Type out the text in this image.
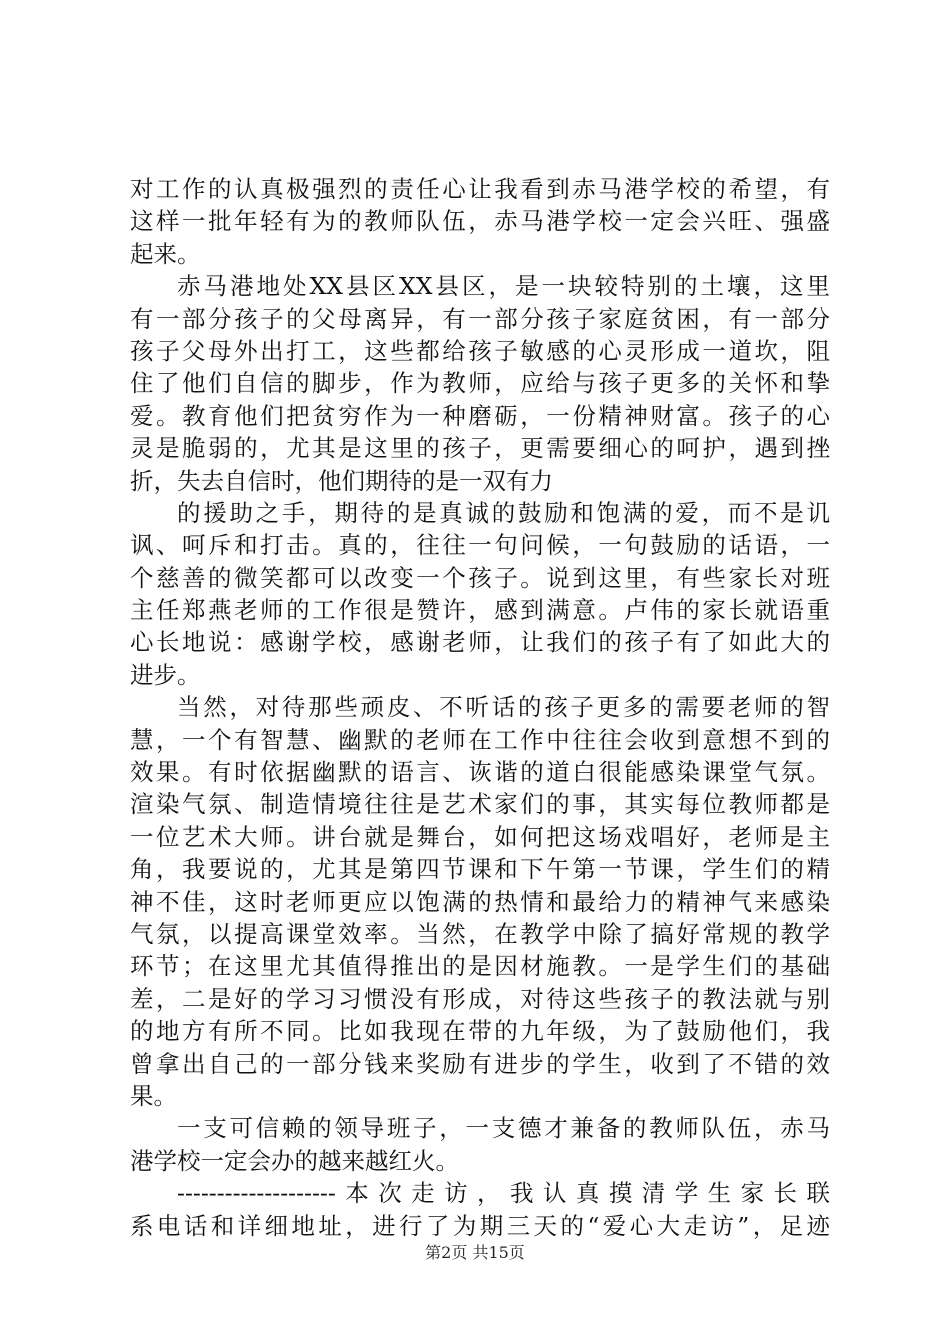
对工作的认真极强烈的责任心让我看到赤马港学校的希望，有
这样一批年轻有为的教师队伍，赤马港学校一定会兴旺、强盛
起来。
赤马港地处XX县区XX县区，是一块较特别的土壤，这里
有一部分孩子的父母离异，有一部分孩子家庭贫困，有一部分
孩子父母外出打工，这些都给孩子敏感的心灵形成一道坎，阻
住了他们自信的脚步，作为教师，应给与孩子更多的关怀和挚
爱。教育他们把贫穷作为一种磨砺，一份精神财富。孩子的心
灵是脆弱的，尤其是这里的孩子，更需要细心的呵护，遇到挫
折，失去自信时，他们期待的是一双有力
的援助之手，期待的是真诚的鼓励和饱满的爱，而不是讥
讽、呵斥和打击。真的，往往一句问候，一句鼓励的话语，一
个慈善的微笑都可以改变一个孩子。说到这里，有些家长对班
主任郑燕老师的工作很是赞许，感到满意。卢伟的家长就语重
心长地说：感谢学校，感谢老师，让我们的孩子有了如此大的
进步。
当然，对待那些顽皮、不听话的孩子更多的需要老师的智
慧，一个有智慧、幽默的老师在工作中往往会收到意想不到的
效果。有时依据幽默的语言、诙谐的道白很能感染课堂气氛。
渲染气氛、制造情境往往是艺术家们的事，其实每位教师都是
一位艺术大师。讲台就是舞台，如何把这场戏唱好，老师是主
角，我要说的，尤其是第四节课和下午第一节课，学生们的精
神不佳，这时老师更应以饱满的热情和最给力的精神气来感染
气氛，以提高课堂效率。当然，在教学中除了搞好常规的教学
环节；在这里尤其值得推出的是因材施教。一是学生们的基础
差，二是好的学习习惯没有形成，对待这些孩子的教法就与别
的地方有所不同。比如我现在带的九年级，为了鼓励他们，我
曾拿出自己的一部分钱来奖励有进步的学生，收到了不错的效
果。
一支可信赖的领导班子，一支德才兼备的教师队伍，赤马
港学校一定会办的越来越红火。
--------------------本次走访，我认真摸清学生家长联
系电话和详细地址，进行了为期三天的“爱心大走访”，足迹
第2页 共15页
